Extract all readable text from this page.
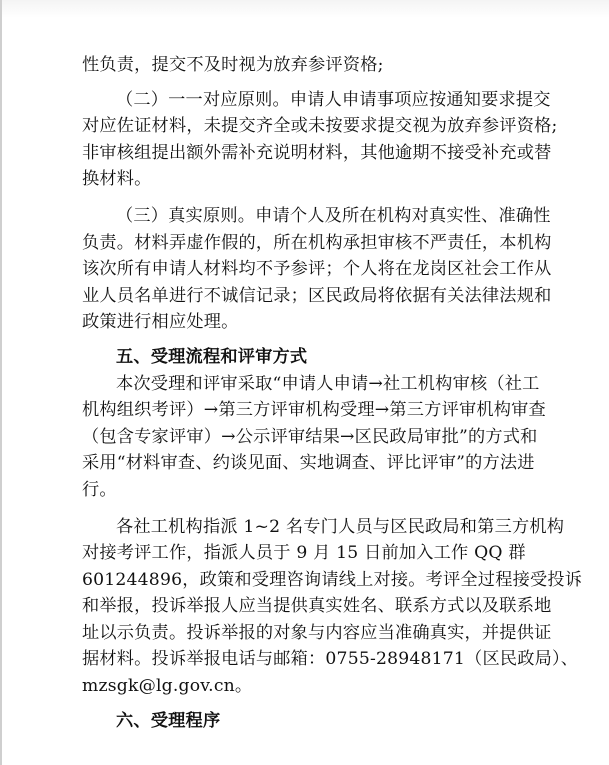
性负责，提交不及时视为放弃参评资格;
（二）一一对应原则。申请人申请事项应按通知要求提交
对应佐证材料，未提交齐全或未按要求提交视为放弃参评资格;
非审核组提出额外需补充说明材料，其他逾期不接受补充或替
换材料。
（三）真实原则。申请个人及所在机构对真实性、准确性
负责。材料弄虚作假的，所在机构承担审核不严责任，本机构
该次所有申请人材料均不予参评；个人将在龙岗区社会工作从
业人员名单进行不诚信记录；区民政局将依据有关法律法规和
政策进行相应处理。
五、受理流程和评审方式
本次受理和评审采取“申请人申请→社工机构审核（社工
机构组织考评）→第三方评审机构受理→第三方评审机构审查
（包含专家评审）→公示评审结果→区民政局审批”的方式和
采用“材料审查、约谈见面、实地调查、评比评审”的方法进
行。
各社工机构指派 1~2 名专门人员与区民政局和第三方机构
对接考评工作，指派人员于 9 月 15 日前加入工作 QQ 群
601244896，政策和受理咨询请线上对接。考评全过程接受投诉
和举报，投诉举报人应当提供真实姓名、联系方式以及联系地
址以示负责。投诉举报的对象与内容应当准确真实，并提供证
据材料。投诉举报电话与邮箱：0755-28948171（区民政局）、
mzsgk@lg.gov.cn。
六、受理程序
